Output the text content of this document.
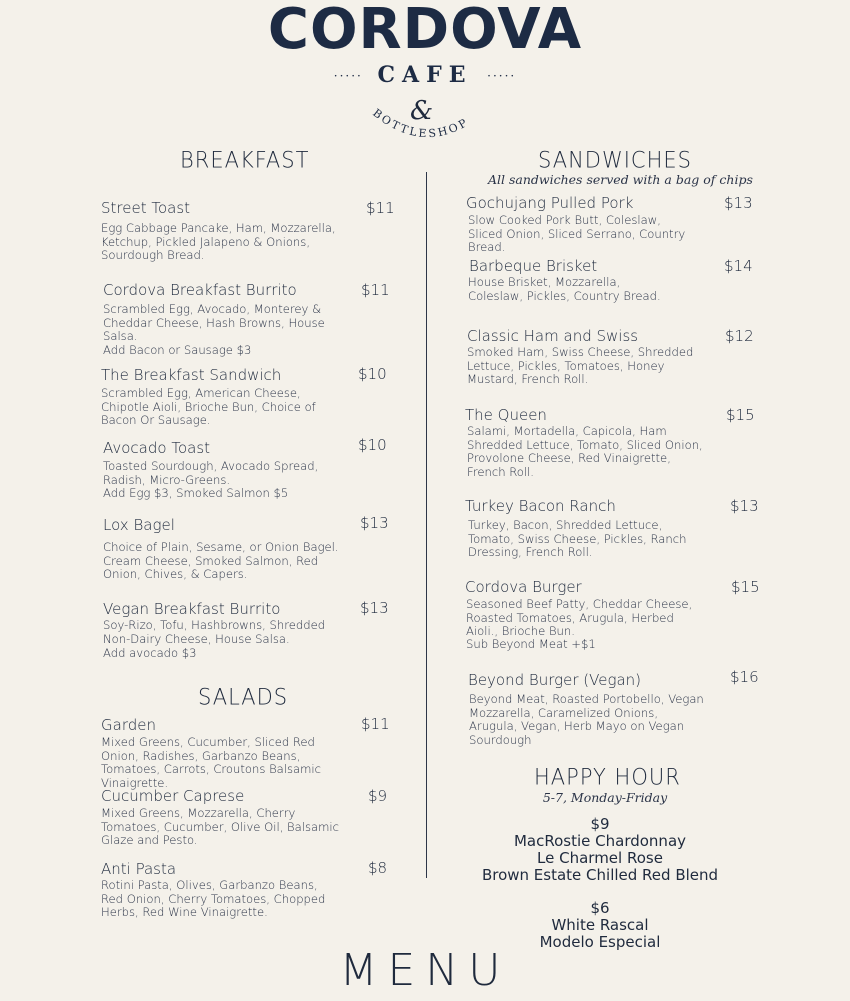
CORDOVA
····· CAFE ·····
&
BOTTLESHOP
BREAKFAST
Street Toast	$11
Egg Cabbage Pancake, Ham, Mozzarella, Ketchup, Pickled Jalapeno & Onions, Sourdough Bread.
Cordova Breakfast Burrito	$11
Scrambled Egg, Avocado, Monterey & Cheddar Cheese, Hash Browns, House Salsa.
Add Bacon or Sausage $3
The Breakfast Sandwich	$10
Scrambled Egg, American Cheese, Chipotle Aioli, Brioche Bun, Choice of Bacon Or Sausage.
Avocado Toast	$10
Toasted Sourdough, Avocado Spread, Radish, Micro-Greens.
Add Egg $3, Smoked Salmon $5
Lox Bagel	$13
Choice of Plain, Sesame, or Onion Bagel. Cream Cheese, Smoked Salmon, Red Onion, Chives, & Capers.
Vegan Breakfast Burrito	$13
Soy-Rizo, Tofu, Hashbrowns, Shredded Non-Dairy Cheese, House Salsa.
Add avocado $3
SALADS
Garden	$11
Mixed Greens, Cucumber, Sliced Red Onion, Radishes, Garbanzo Beans, Tomatoes, Carrots, Croutons Balsamic Vinaigrette.
Cucumber Caprese	$9
Mixed Greens, Mozzarella, Cherry Tomatoes, Cucumber, Olive Oil, Balsamic Glaze and Pesto.
Anti Pasta	$8
Rotini Pasta, Olives, Garbanzo Beans, Red Onion, Cherry Tomatoes, Chopped Herbs, Red Wine Vinaigrette.
SANDWICHES
All sandwiches served with a bag of chips
Gochujang Pulled Pork	$13
Slow Cooked Pork Butt, Coleslaw, Sliced Onion, Sliced Serrano, Country Bread.
Barbeque Brisket	$14
House Brisket, Mozzarella, Coleslaw, Pickles, Country Bread.
Classic Ham and Swiss	$12
Smoked Ham, Swiss Cheese, Shredded Lettuce, Pickles, Tomatoes, Honey Mustard, French Roll.
The Queen	$15
Salami, Mortadella, Capicola, Ham Shredded Lettuce, Tomato, Sliced Onion, Provolone Cheese, Red Vinaigrette, French Roll.
Turkey Bacon Ranch	$13
Turkey, Bacon, Shredded Lettuce, Tomato, Swiss Cheese, Pickles, Ranch Dressing, French Roll.
Cordova Burger	$15
Seasoned Beef Patty, Cheddar Cheese, Roasted Tomatoes, Arugula, Herbed Aioli., Brioche Bun.
Sub Beyond Meat +$1
Beyond Burger (Vegan)	$16
Beyond Meat, Roasted Portobello, Vegan Mozzarella, Caramelized Onions, Arugula, Vegan, Herb Mayo on Vegan Sourdough
HAPPY HOUR
5-7, Monday-Friday
$9
MacRostie Chardonnay
Le Charmel Rose
Brown Estate Chilled Red Blend
$6
White Rascal
Modelo Especial
MENU
